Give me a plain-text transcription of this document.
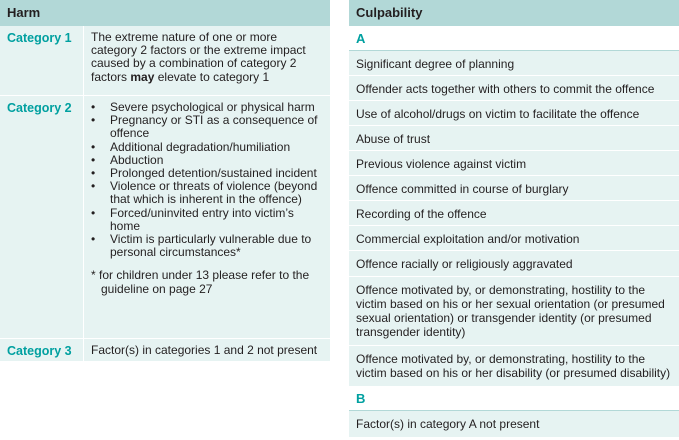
Harm
Category 1	The extreme nature of one or more category 2 factors or the extreme impact caused by a combination of category 2 factors may elevate to category 1
Category 2	• Severe psychological or physical harm
• Pregnancy or STI as a consequence of offence
• Additional degradation/humiliation
• Abduction
• Prolonged detention/sustained incident
• Violence or threats of violence (beyond that which is inherent in the offence)
• Forced/uninvited entry into victim’s home
• Victim is particularly vulnerable due to personal circumstances*
* for children under 13 please refer to the guideline on page 27
Category 3	Factor(s) in categories 1 and 2 not present
Culpability
A
Significant degree of planning
Offender acts together with others to commit the offence
Use of alcohol/drugs on victim to facilitate the offence
Abuse of trust
Previous violence against victim
Offence committed in course of burglary
Recording of the offence
Commercial exploitation and/or motivation
Offence racially or religiously aggravated
Offence motivated by, or demonstrating, hostility to the victim based on his or her sexual orientation (or presumed sexual orientation) or transgender identity (or presumed transgender identity)
Offence motivated by, or demonstrating, hostility to the victim based on his or her disability (or presumed disability)
B
Factor(s) in category A not present
